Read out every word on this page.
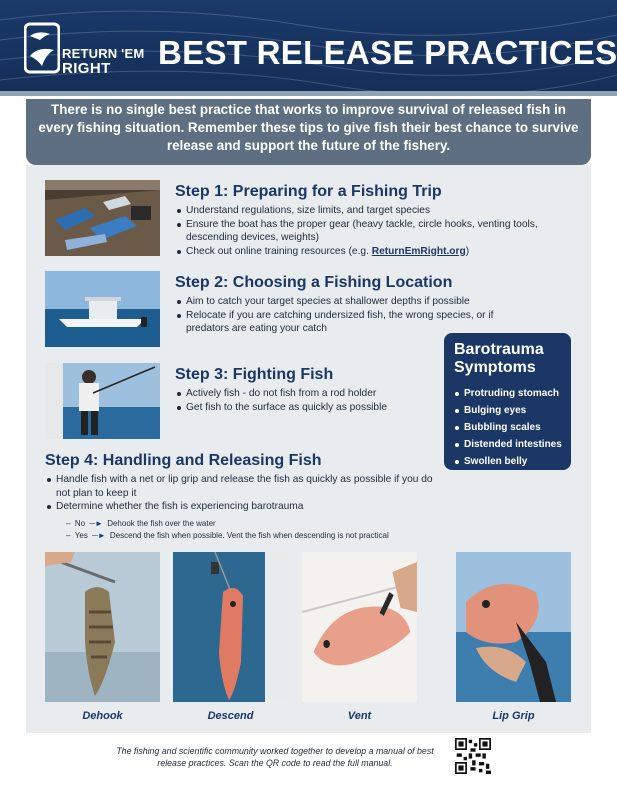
RETURN 'EM
RIGHT BEST RELEASE PRACTICES
There is no single best practice that works to improve survival of released fish in every fishing situation. Remember these tips to give fish their best chance to survive release and support the future of the fishery.
Step 1: Preparing for a Fishing Trip
Understand regulations, size limits, and target species
Ensure the boat has the proper gear (heavy tackle, circle hooks, venting tools, descending devices, weights)
Check out online training resources (e.g. ReturnEmRight.org)
Step 2: Choosing a Fishing Location
Aim to catch your target species at shallower depths if possible
Relocate if you are catching undersized fish, the wrong species, or if predators are eating your catch
Step 3: Fighting Fish
Actively fish - do not fish from a rod holder
Get fish to the surface as quickly as possible
Barotrauma Symptoms
Protruding stomach
Bulging eyes
Bubbling scales
Distended intestines
Swollen belly
Step 4: Handling and Releasing Fish
Handle fish with a net or lip grip and release the fish as quickly as possible if you do not plan to keep it
Determine whether the fish is experiencing barotrauma
– No ─► Dehook the fish over the water
– Yes ─► Descend the fish when possible. Vent the fish when descending is not practical
Dehook	Descend	Vent	Lip Grip
The fishing and scientific community worked together to develop a manual of best release practices. Scan the QR code to read the full manual.
